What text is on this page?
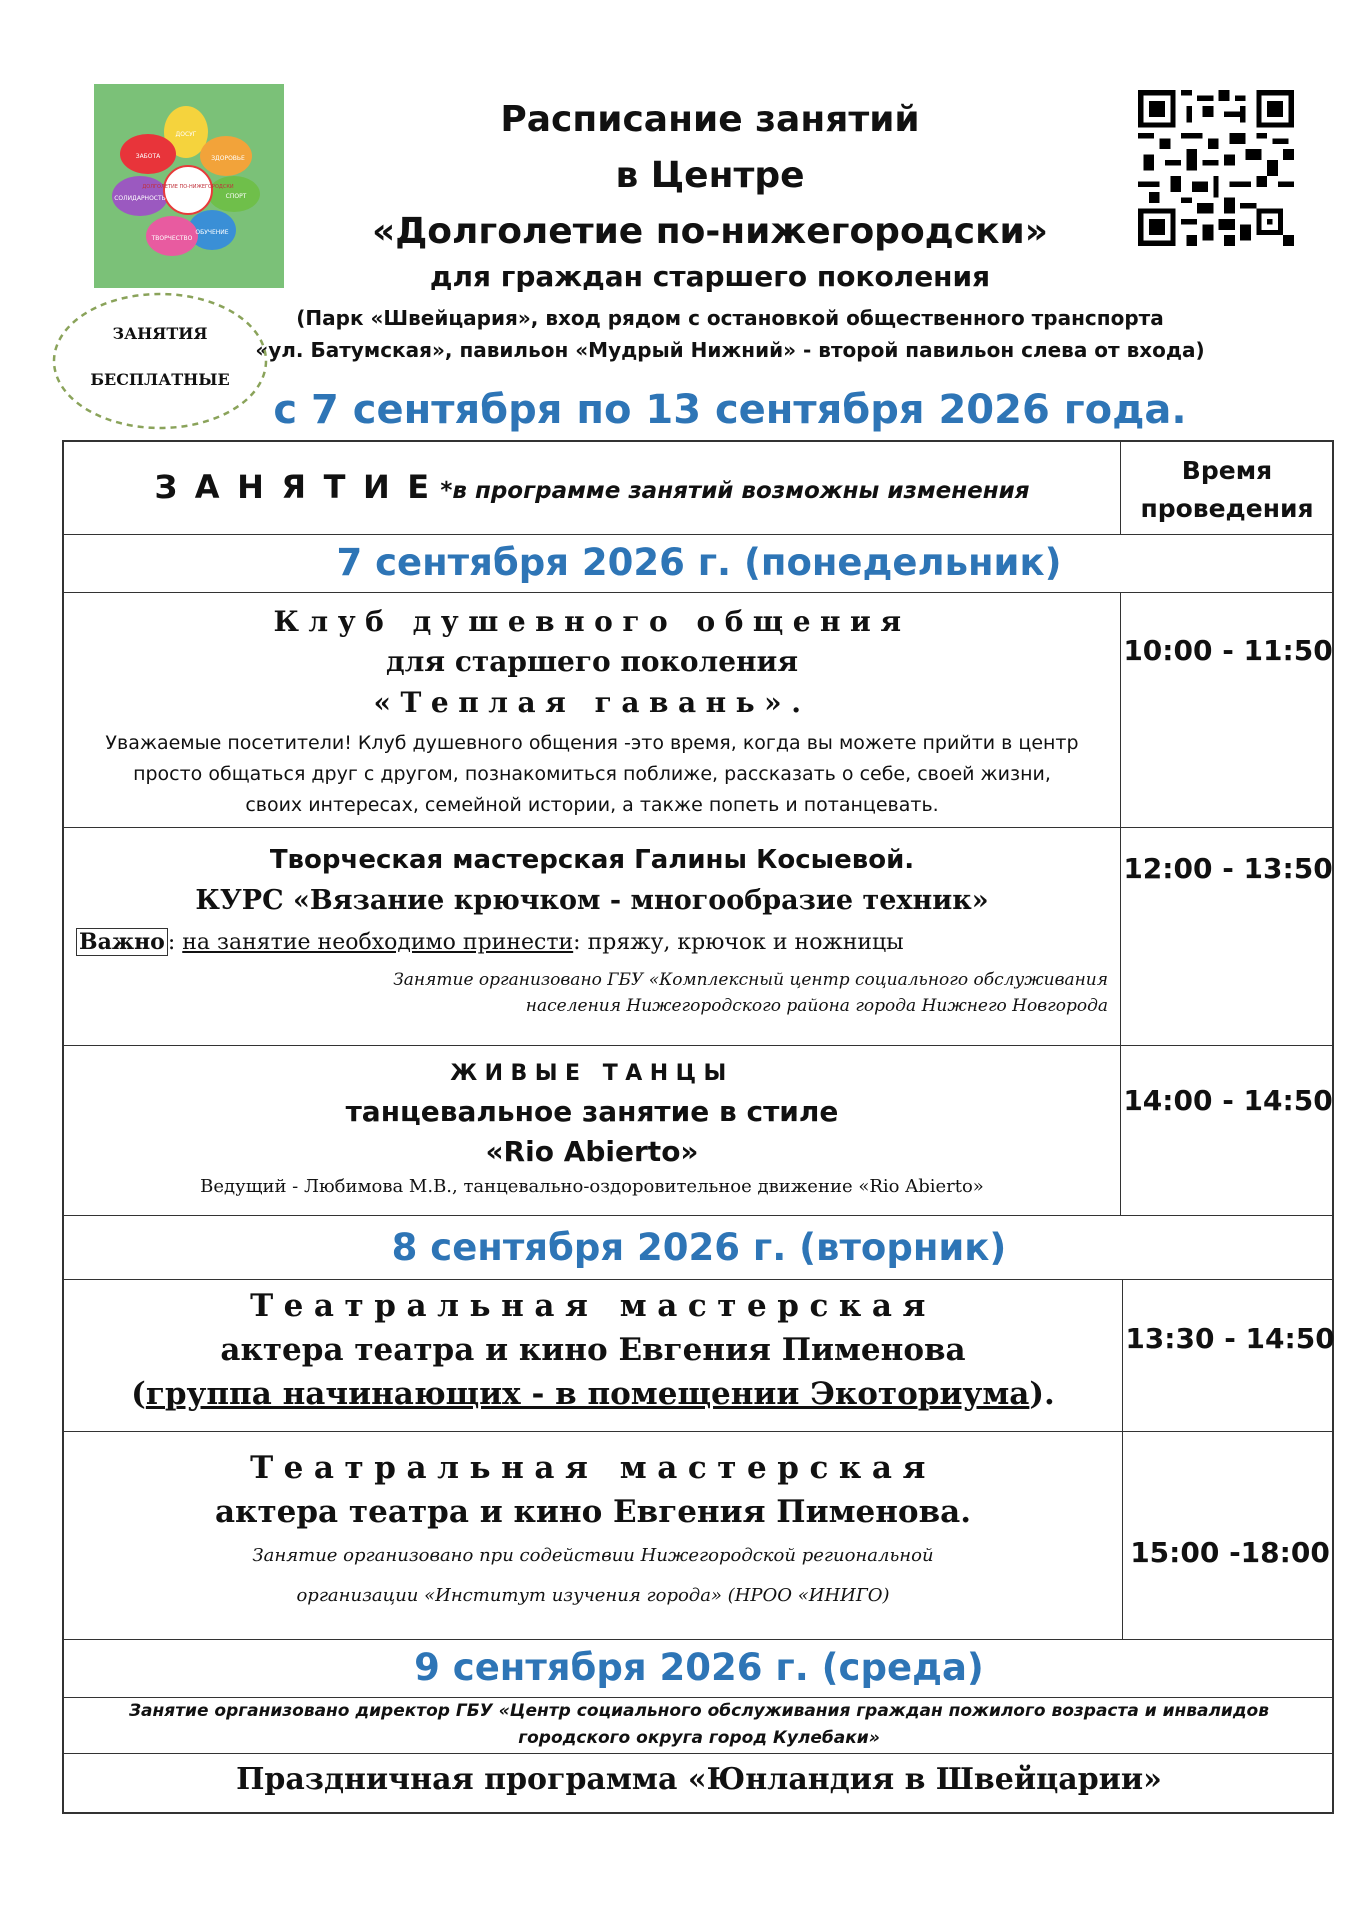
ДОЛГОЛЕТИЕ ПО-НИЖЕГОРОДСКИ
ДОСУГ
ЗДОРОВЬЕ
СПОРТ
ОБУЧЕНИЕ
ТВОРЧЕСТВО
СОЛИДАРНОСТЬ
ЗАБОТА
Расписание занятий
в Центре
«Долголетие по-нижегородски»
для граждан старшего поколения
(Парк «Швейцария», вход рядом с остановкой общественного транспорта
«ул. Батумская», павильон «Мудрый Нижний» - второй павильон слева от входа)
ЗАНЯТИЯ
БЕСПЛАТНЫЕ
с 7 сентября по 13 сентября 2026 года.
З А Н Я Т И Е *в программе занятий возможны изменения
Время
проведения
7 сентября 2026 г. (понедельник)
Клуб душевного общения
для старшего поколения
«Теплая гавань».
Уважаемые посетители! Клуб душевного общения -это время, когда вы можете прийти в центр
просто общаться друг с другом, познакомиться поближе, рассказать о себе, своей жизни,
своих интересах, семейной истории, а также попеть и потанцевать.
10:00 - 11:50
Творческая мастерская Галины Косыевой.
КУРС «Вязание крючком - многообразие техник»
Важно : на занятие необходимо принести: пряжу, крючок и ножницы
Занятие организовано ГБУ «Комплексный центр социального обслуживания
населения Нижегородского района города Нижнего Новгорода
12:00 - 13:50
ЖИВЫЕ ТАНЦЫ
танцевальное занятие в стиле
«Rio Abierto»
Ведущий - Любимова М.В., танцевально-оздоровительное движение «Rio Abierto»
14:00 - 14:50
8 сентября 2026 г. (вторник)
Театральная мастерская
актера театра и кино Евгения Пименова
(группа начинающих - в помещении Экоториума).
13:30 - 14:50
Театральная мастерская
актера театра и кино Евгения Пименова.
Занятие организовано при содействии Нижегородской региональной
организации «Институт изучения города» (НРОО «ИНИГО)
15:00 -18:00
9 сентября 2026 г. (среда)
Занятие организовано директор ГБУ «Центр социального обслуживания граждан пожилого возраста и инвалидов
городского округа город Кулебаки»
Праздничная программа «Юнландия в Швейцарии»
